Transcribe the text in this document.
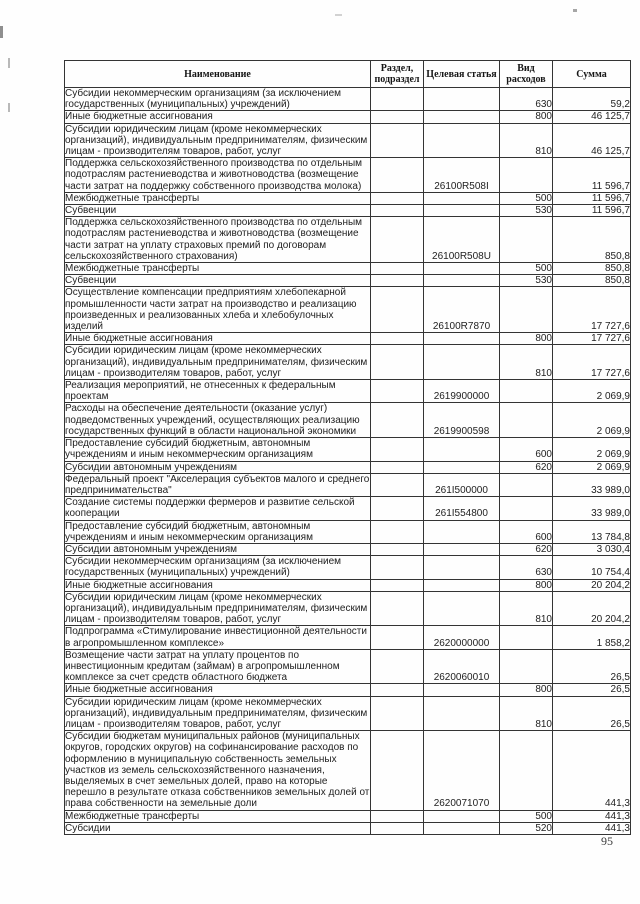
Наименование	Раздел, подраздел	Целевая статья	Вид расходов	Сумма
Субсидии некоммерческим организациям (за исключением государственных (муниципальных) учреждений)			630	59,2
Иные бюджетные ассигнования			800	46 125,7
Субсидии юридическим лицам (кроме некоммерческих организаций), индивидуальным предпринимателям, физическим лицам - производителям товаров, работ, услуг			810	46 125,7
Поддержка сельскохозяйственного производства по отдельным подотраслям растениеводства и животноводства (возмещение части затрат на поддержку собственного производства молока)		26100R508I		11 596,7
Межбюджетные трансферты			500	11 596,7
Субвенции			530	11 596,7
Поддержка сельскохозяйственного производства по отдельным подотраслям растениеводства и животноводства (возмещение части затрат на уплату страховых премий по договорам сельскохозяйственного страхования)		26100R508U		850,8
Межбюджетные трансферты			500	850,8
Субвенции			530	850,8
Осуществление компенсации предприятиям хлебопекарной промышленности части затрат на производство и реализацию произведенных и реализованных хлеба и хлебобулочных изделий		26100R7870		17 727,6
Иные бюджетные ассигнования			800	17 727,6
Субсидии юридическим лицам (кроме некоммерческих организаций), индивидуальным предпринимателям, физическим лицам - производителям товаров, работ, услуг			810	17 727,6
Реализация мероприятий, не отнесенных к федеральным проектам		2619900000		2 069,9
Расходы на обеспечение деятельности (оказание услуг) подведомственных учреждений, осуществляющих реализацию государственных функций в области национальной экономики		2619900598		2 069,9
Предоставление субсидий бюджетным, автономным учреждениям и иным некоммерческим организациям			600	2 069,9
Субсидии автономным учреждениям			620	2 069,9
Федеральный проект "Акселерация субъектов малого и среднего предпринимательства"		261I500000		33 989,0
Создание системы поддержки фермеров и развитие сельской кооперации		261I554800		33 989,0
Предоставление субсидий бюджетным, автономным учреждениям и иным некоммерческим организациям			600	13 784,8
Субсидии автономным учреждениям			620	3 030,4
Субсидии некоммерческим организациям (за исключением государственных (муниципальных) учреждений)			630	10 754,4
Иные бюджетные ассигнования			800	20 204,2
Субсидии юридическим лицам (кроме некоммерческих организаций), индивидуальным предпринимателям, физическим лицам - производителям товаров, работ, услуг			810	20 204,2
Подпрограмма «Стимулирование инвестиционной деятельности в агропромышленном комплексе»		2620000000		1 858,2
Возмещение части затрат на уплату процентов по инвестиционным кредитам (займам) в агропромышленном комплексе за счет средств областного бюджета		2620060010		26,5
Иные бюджетные ассигнования			800	26,5
Субсидии юридическим лицам (кроме некоммерческих организаций), индивидуальным предпринимателям, физическим лицам - производителям товаров, работ, услуг			810	26,5
Субсидии бюджетам муниципальных районов (муниципальных округов, городских округов) на софинансирование расходов по оформлению в муниципальную собственность земельных участков из земель сельскохозяйственного назначения, выделяемых в счет земельных долей, право на которые перешло в результате отказа собственников земельных долей от права собственности на земельные доли		2620071070		441,3
Межбюджетные трансферты			500	441,3
Субсидии			520	441,3
95
